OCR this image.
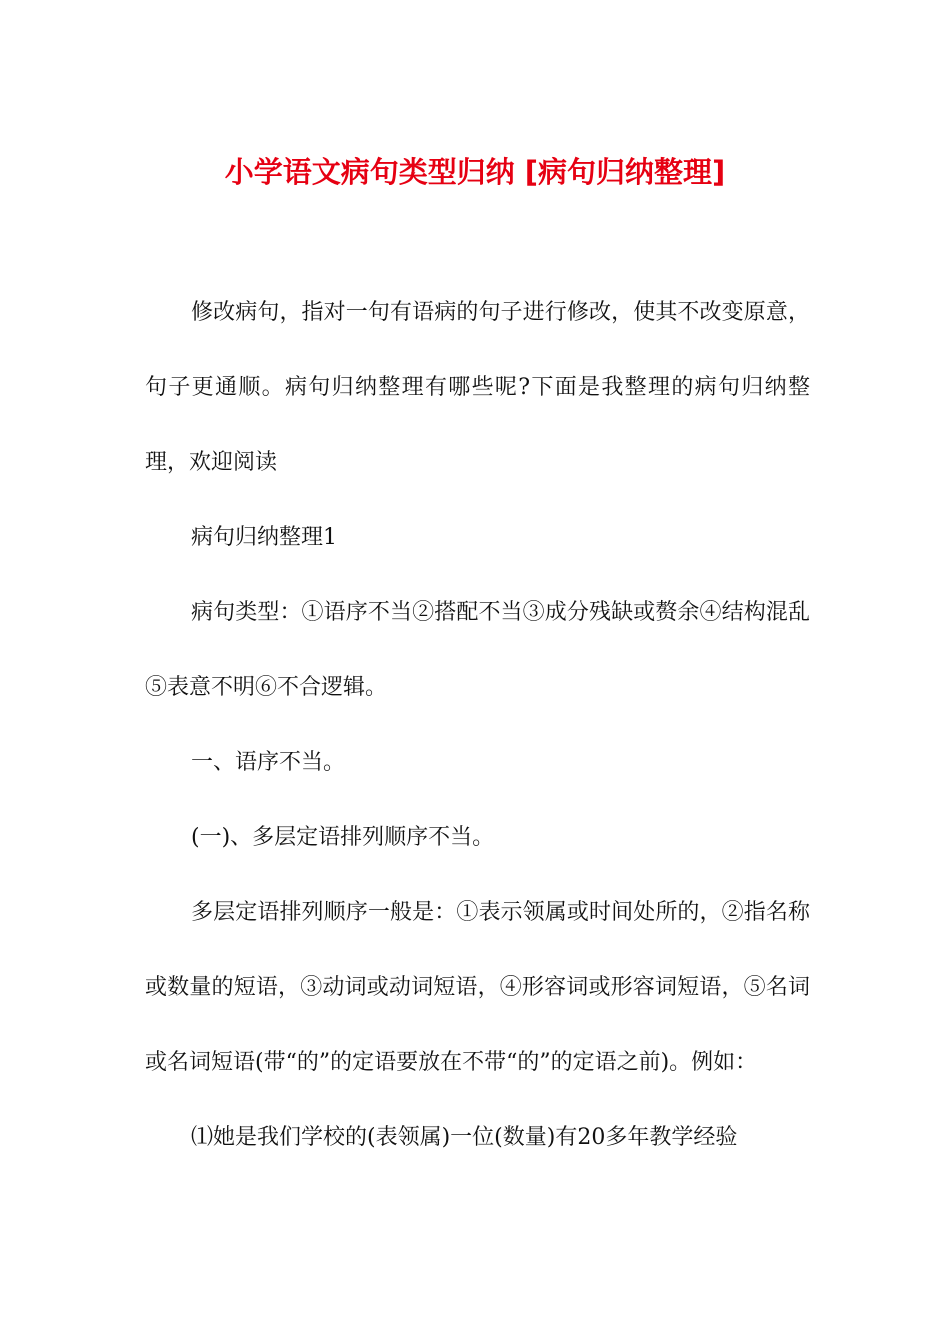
小学语文病句类型归纳 [病句归纳整理]

修改病句，指对一句有语病的句子进行修改，使其不改变原意，句子更通顺。病句归纳整理有哪些呢?下面是我整理的病句归纳整理，欢迎阅读

病句归纳整理1

病句类型：①语序不当②搭配不当③成分残缺或赘余④结构混乱⑤表意不明⑥不合逻辑。

一、语序不当。

(一)、多层定语排列顺序不当。

多层定语排列顺序一般是：①表示领属或时间处所的，②指名称或数量的短语，③动词或动词短语，④形容词或形容词短语，⑤名词或名词短语(带“的”的定语要放在不带“的”的定语之前)。例如：

⑴她是我们学校的(表领属)一位(数量)有20多年教学经验
